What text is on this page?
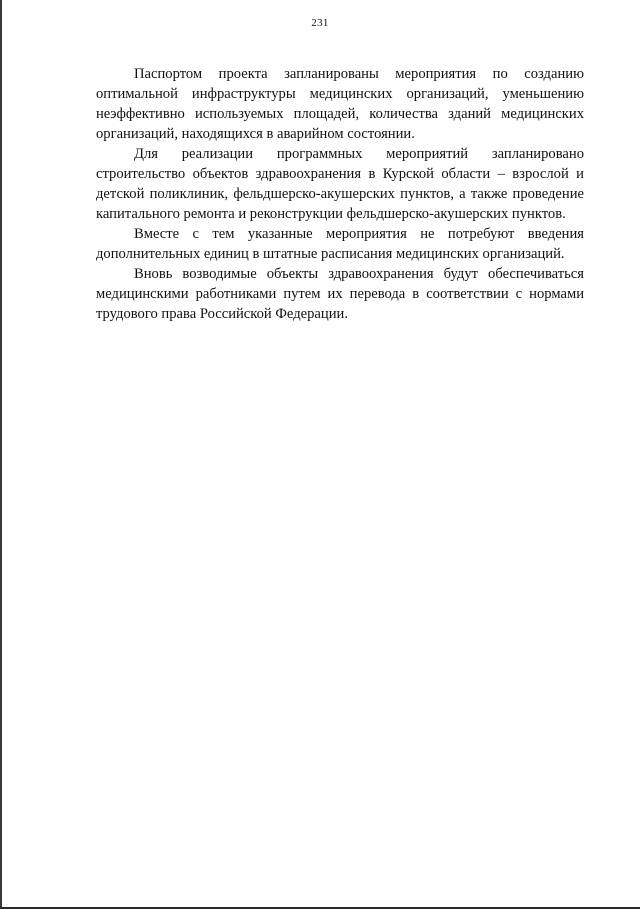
231

Паспортом проекта запланированы мероприятия по созданию оптимальной инфраструктуры медицинских организаций, уменьшению неэффективно используемых площадей, количества зданий медицинских организаций, находящихся в аварийном состоянии.

Для реализации программных мероприятий запланировано строительство объектов здравоохранения в Курской области – взрослой и детской поликлиник, фельдшерско-акушерских пунктов, а также проведение капитального ремонта и реконструкции фельдшерско-акушерских пунктов.

Вместе с тем указанные мероприятия не потребуют введения дополнительных единиц в штатные расписания медицинских организаций.

Вновь возводимые объекты здравоохранения будут обеспечиваться медицинскими работниками путем их перевода в соответствии с нормами трудового права Российской Федерации.
